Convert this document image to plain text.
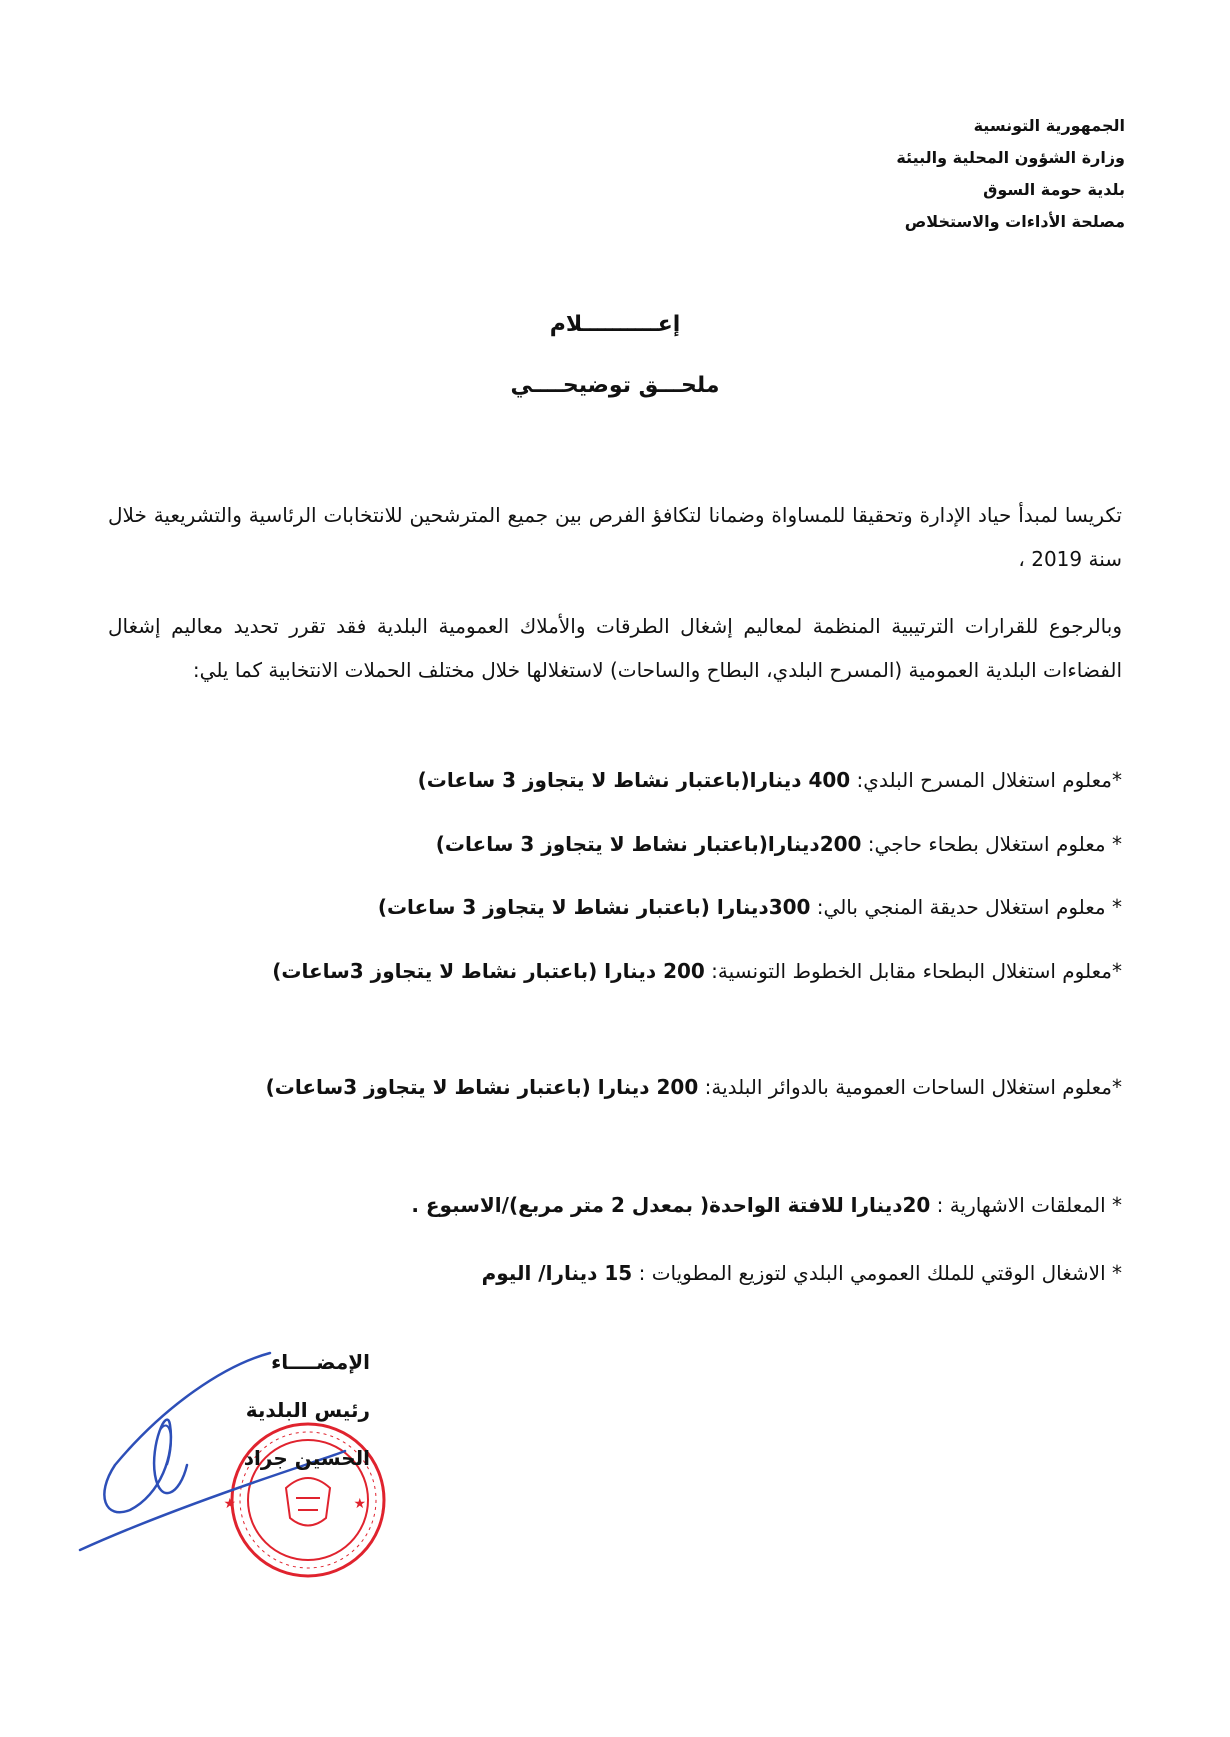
الجمهورية التونسية
وزارة الشؤون المحلية والبيئة
بلدية حومة السوق
مصلحة الأداءات والاستخلاص
إعــــــــــلام
ملحـــق توضيحــــي

تكريسا لمبدأ حياد الإدارة وتحقيقا للمساواة وضمانا لتكافؤ الفرص بين جميع المترشحين للانتخابات الرئاسية والتشريعية خلال سنة 2019 ،

وبالرجوع للقرارات الترتيبية المنظمة لمعاليم إشغال الطرقات والأملاك العمومية البلدية فقد تقرر تحديد معاليم إشغال الفضاءات البلدية العمومية (المسرح البلدي، البطاح والساحات) لاستغلالها خلال مختلف الحملات الانتخابية كما يلي:

*معلوم استغلال المسرح البلدي: 400 دينارا(باعتبار نشاط لا يتجاوز 3 ساعات)
* معلوم استغلال بطحاء حاجي: 200دينارا(باعتبار نشاط لا يتجاوز 3 ساعات)
* معلوم استغلال حديقة المنجي بالي: 300دينارا (باعتبار نشاط لا يتجاوز 3 ساعات)
*معلوم استغلال البطحاء مقابل الخطوط التونسية: 200 دينارا (باعتبار نشاط لا يتجاوز 3ساعات)
*معلوم استغلال الساحات العمومية بالدوائر البلدية: 200 دينارا (باعتبار نشاط لا يتجاوز 3ساعات)
* المعلقات الاشهارية : 20دينارا للافتة الواحدة( بمعدل 2 متر مربع)/الاسبوع .
* الاشغال الوقتي للملك العمومي البلدي لتوزيع المطويات : 15 دينارا/ اليوم
★	★
الإمضــــاء
رئيس البلدية
الحسين جراد
